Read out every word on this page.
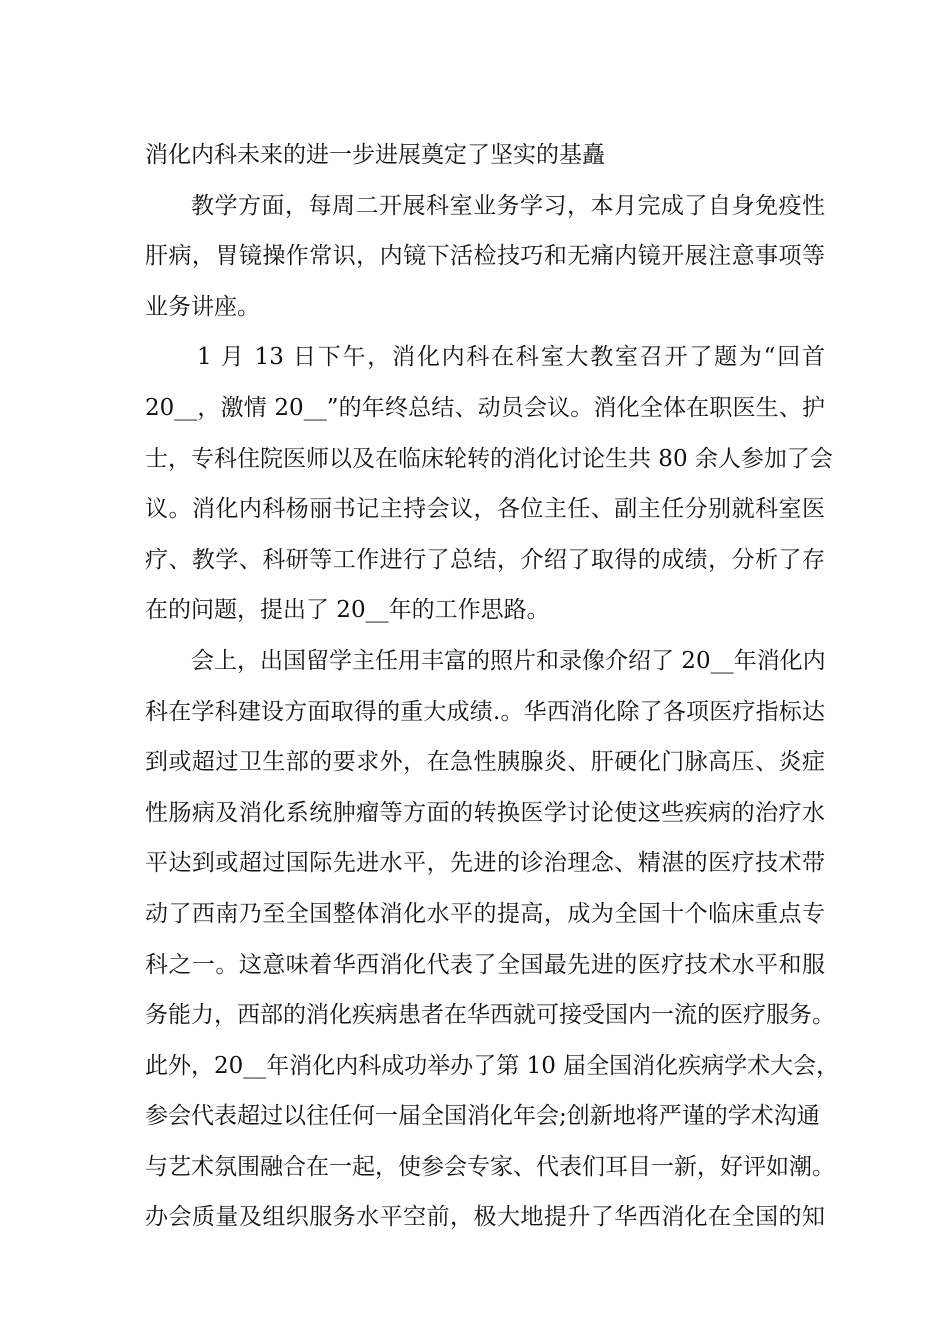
消化内科未来的进一步进展奠定了坚实的基矗
教学方面，每周二开展科室业务学习，本月完成了自身免疫性
肝病，胃镜操作常识，内镜下活检技巧和无痛内镜开展注意事项等
业务讲座。
1 月 13 日下午，消化内科在科室大教室召开了题为“回首
20__，激情 20__”的年终总结、动员会议。消化全体在职医生、护
士，专科住院医师以及在临床轮转的消化讨论生共 80 余人参加了会
议。消化内科杨丽书记主持会议，各位主任、副主任分别就科室医
疗、教学、科研等工作进行了总结，介绍了取得的成绩，分析了存
在的问题，提出了 20__年的工作思路。
会上，出国留学主任用丰富的照片和录像介绍了 20__年消化内
科在学科建设方面取得的重大成绩.。华西消化除了各项医疗指标达
到或超过卫生部的要求外，在急性胰腺炎、肝硬化门脉高压、炎症
性肠病及消化系统肿瘤等方面的转换医学讨论使这些疾病的治疗水
平达到或超过国际先进水平，先进的诊治理念、精湛的医疗技术带
动了西南乃至全国整体消化水平的提高，成为全国十个临床重点专
科之一。这意味着华西消化代表了全国最先进的医疗技术水平和服
务能力，西部的消化疾病患者在华西就可接受国内一流的医疗服务。
此外，20__年消化内科成功举办了第 10 届全国消化疾病学术大会，
参会代表超过以往任何一届全国消化年会;创新地将严谨的学术沟通
与艺术氛围融合在一起，使参会专家、代表们耳目一新，好评如潮。
办会质量及组织服务水平空前，极大地提升了华西消化在全国的知
